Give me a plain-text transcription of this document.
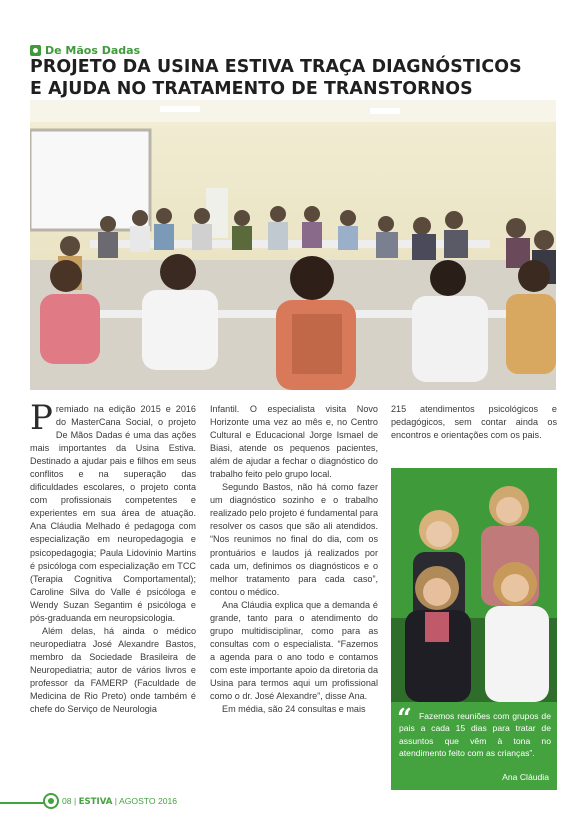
De Mãos Dadas
PROJETO DA USINA ESTIVA TRAÇA DIAGNÓSTICOS
E AJUDA NO TRATAMENTO DE TRANSTORNOS

Premiado na edição 2015 e 2016 do MasterCana Social, o projeto De Mãos Dadas é uma das ações mais importantes da Usina Estiva. Destinado a ajudar pais e filhos em seus conflitos e na superação das dificuldades escolares, o projeto conta com profissionais competentes e experientes em sua área de atuação. Ana Cláudia Melhado é pedagoga com especialização em neuropedagogia e psicopedagogia; Paula Lidovinio Martins é psicóloga com especialização em TCC (Terapia Cognitiva Comportamental); Caroline Silva do Valle é psicóloga e Wendy Suzan Segantim é psicóloga e pós-graduanda em neuropsicologia.

Além delas, há ainda o médico neuropediatra José Alexandre Bastos, membro da Sociedade Brasileira de Neuropediatria; autor de vários livros e professor da FAMERP (Faculdade de Medicina de Rio Preto) onde também é chefe do Serviço de Neurologia

Infantil. O especialista visita Novo Horizonte uma vez ao mês e, no Centro Cultural e Educacional Jorge Ismael de Biasi, atende os pequenos pacientes, além de ajudar a fechar o diagnóstico do trabalho feito pelo grupo local.

Segundo Bastos, não há como fazer um diagnóstico sozinho e o trabalho realizado pelo projeto é fundamental para resolver os casos que são ali atendidos. “Nos reunimos no final do dia, com os prontuários e laudos já realizados por cada um, definimos os diagnósticos e o melhor tratamento para cada caso”, contou o médico.

Ana Cláudia explica que a demanda é grande, tanto para o atendimento do grupo multidisciplinar, como para as consultas com o especialista. “Fazemos a agenda para o ano todo e contamos com este importante apoio da diretoria da Usina para termos aqui um profissional como o dr. José Alexandre”, disse Ana.

Em média, são 24 consultas e mais

215 atendimentos psicológicos e pedagógicos, sem contar ainda os encontros e orientações com os pais.

“ Fazemos reuniões com grupos de pais a cada 15 dias para tratar de assuntos que vêm à tona no atendimento feito com as crianças”.

Ana Cláudia
08 | ESTIVA | AGOSTO 2016
